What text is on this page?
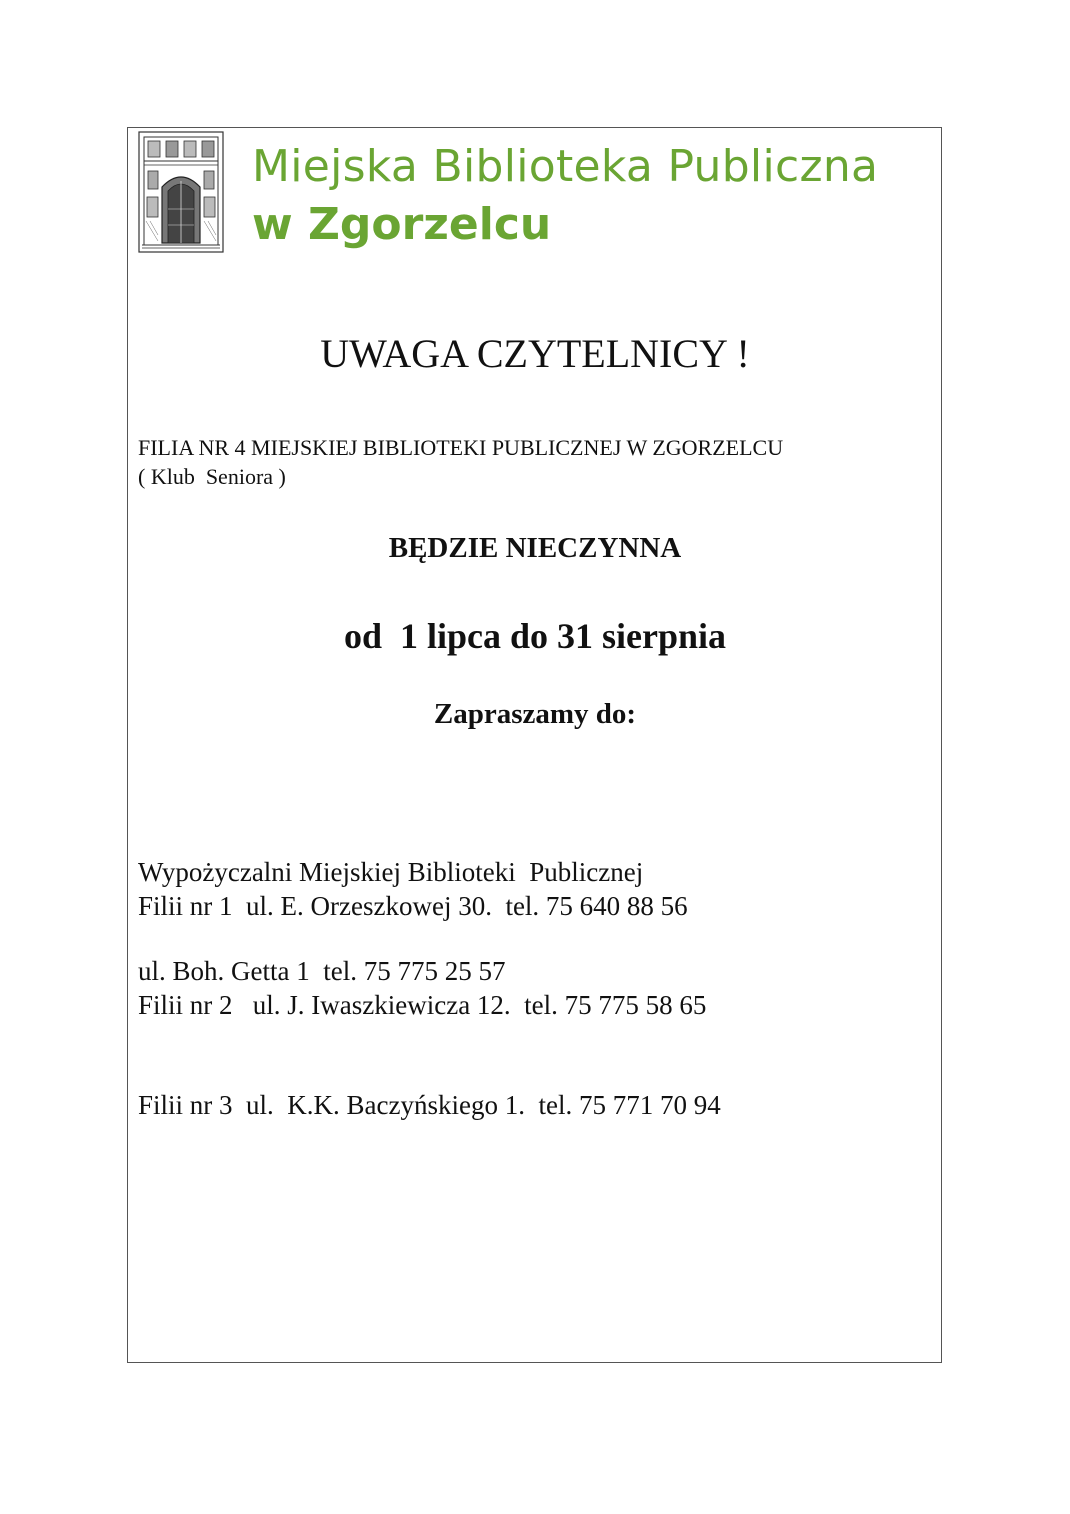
Miejska Biblioteka Publiczna
w Zgorzelcu
UWAGA CZYTELNICY !
FILIA NR 4 MIEJSKIEJ BIBLIOTEKI PUBLICZNEJ W ZGORZELCU
( Klub  Seniora )
BĘDZIE NIECZYNNA
od  1 lipca do 31 sierpnia
Zapraszamy do:

Wypożyczalni Miejskiej Biblioteki  Publicznej

ul. Boh. Getta 1  tel. 75 775 25 57

Filii nr 1  ul. E. Orzeszkowej 30.  tel. 75 640 88 56
Filii nr 2   ul. J. Iwaszkiewicza 12.  tel. 75 775 58 65
Filii nr 3  ul.  K.K. Baczyńskiego 1.  tel. 75 771 70 94
